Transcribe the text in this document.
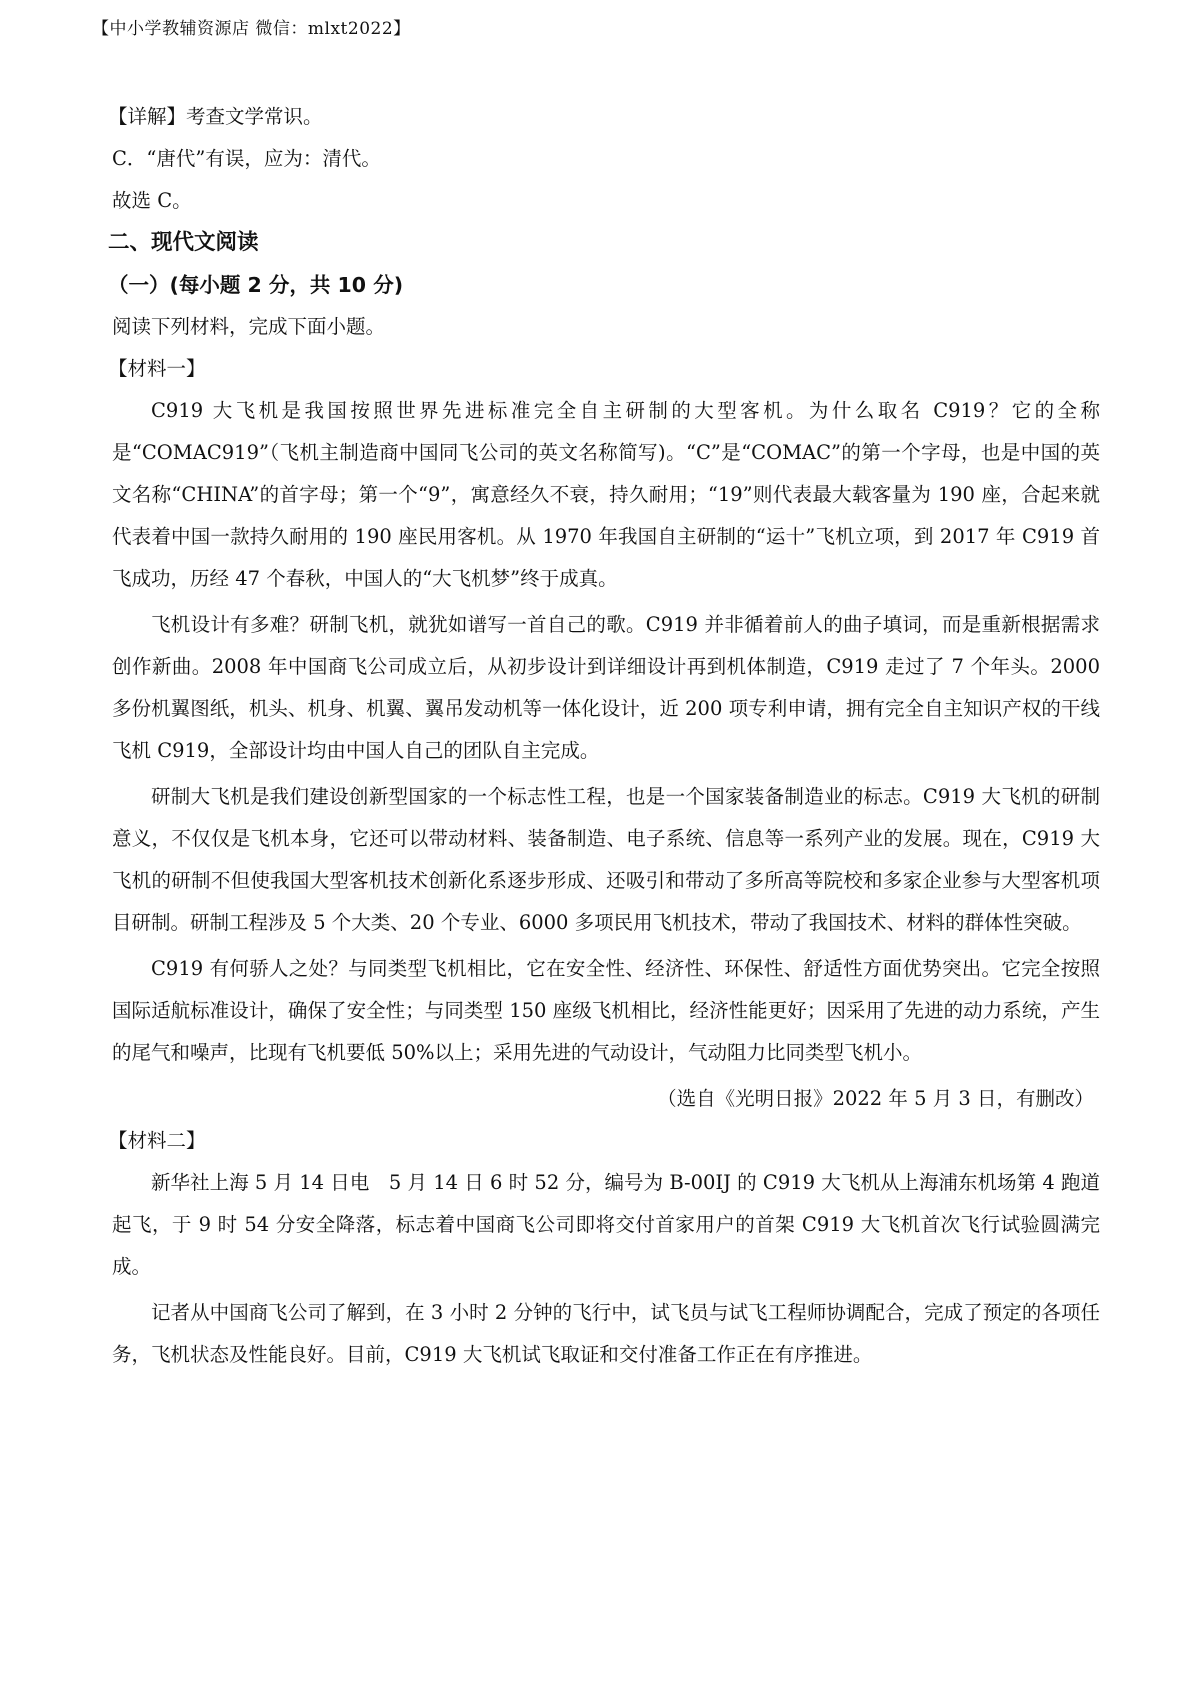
【中小学教辅资源店 微信：mlxt2022】
【详解】考查文学常识。
C．“唐代”有误，应为：清代。
故选 C。
二、现代文阅读
（一）(每小题 2 分，共 10 分)
阅读下列材料，完成下面小题。
【材料一】

C919 大飞机是我国按照世界先进标准完全自主研制的大型客机。为什么取名 C919？它的全称是“COMAC919”（飞机主制造商中国同飞公司的英文名称简写)。“C”是“COMAC”的第一个字母，也是中国的英文名称“CHINA”的首字母；第一个“9”，寓意经久不衰，持久耐用；“19”则代表最大载客量为 190 座，合起来就代表着中国一款持久耐用的 190 座民用客机。从 1970 年我国自主研制的“运十”飞机立项，到 2017 年 C919 首飞成功，历经 47 个春秋，中国人的“大飞机梦”终于成真。

飞机设计有多难？研制飞机，就犹如谱写一首自己的歌。C919 并非循着前人的曲子填词，而是重新根据需求创作新曲。2008 年中国商飞公司成立后，从初步设计到详细设计再到机体制造，C919 走过了 7 个年头。2000 多份机翼图纸，机头、机身、机翼、翼吊发动机等一体化设计，近 200 项专利申请，拥有完全自主知识产权的干线飞机 C919，全部设计均由中国人自己的团队自主完成。

研制大飞机是我们建设创新型国家的一个标志性工程，也是一个国家装备制造业的标志。C919 大飞机的研制意义，不仅仅是飞机本身，它还可以带动材料、装备制造、电子系统、信息等一系列产业的发展。现在，C919 大飞机的研制不但使我国大型客机技术创新化系逐步形成、还吸引和带动了多所高等院校和多家企业参与大型客机项目研制。研制工程涉及 5 个大类、20 个专业、6000 多项民用飞机技术，带动了我国技术、材料的群体性突破。

C919 有何骄人之处？与同类型飞机相比，它在安全性、经济性、环保性、舒适性方面优势突出。它完全按照国际适航标准设计，确保了安全性；与同类型 150 座级飞机相比，经济性能更好；因采用了先进的动力系统，产生的尾气和噪声，比现有飞机要低 50%以上；采用先进的气动设计，气动阻力比同类型飞机小。

（选自《光明日报》2022 年 5 月 3 日，有删改）
【材料二】

新华社上海 5 月 14 日电　5 月 14 日 6 时 52 分，编号为 B-00IJ 的 C919 大飞机从上海浦东机场第 4 跑道起飞，于 9 时 54 分安全降落，标志着中国商飞公司即将交付首家用户的首架 C919 大飞机首次飞行试验圆满完成。

记者从中国商飞公司了解到，在 3 小时 2 分钟的飞行中，试飞员与试飞工程师协调配合，完成了预定的各项任务，飞机状态及性能良好。目前，C919 大飞机试飞取证和交付准备工作正在有序推进。
